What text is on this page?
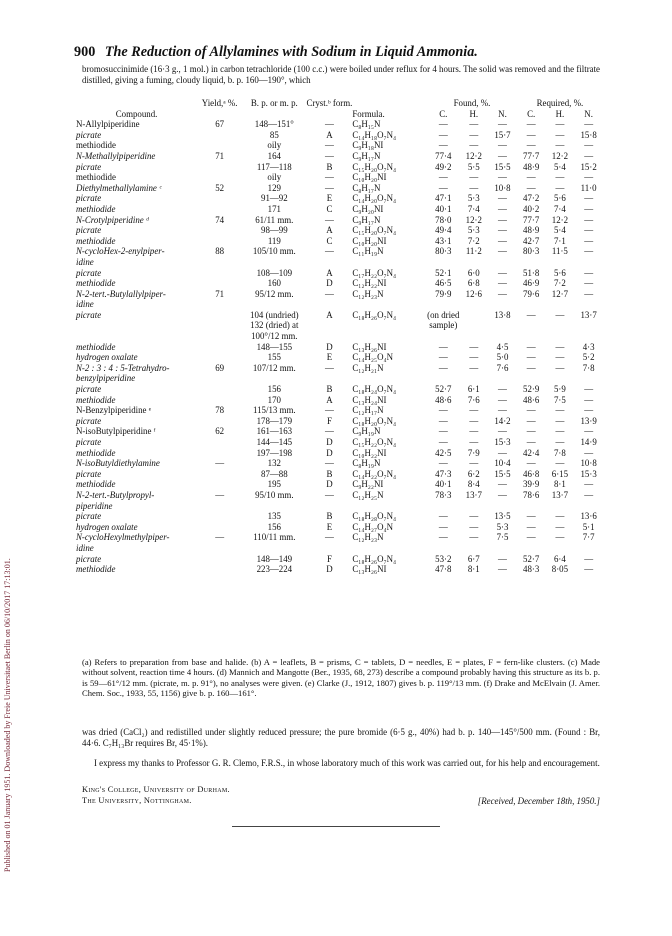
Published on 01 January 1951. Downloaded by Freie Universitaet Berlin on 06/10/2017 17:13:01.
900 The Reduction of Allylamines with Sodium in Liquid Ammonia.
bromosuccinimide (16·3 g., 1 mol.) in carbon tetrachloride (100 c.c.) were boiled under reflux for 4 hours. The solid was removed and the filtrate distilled, giving a fuming, cloudy liquid, b. p. 160—190°, which
	Yield,ᵃ %.	B. p. or m. p.	Cryst.ᵇ form.		Found, %.			Required, %.		
Compound.				Formula.	C.	H.	N.	C.	H.	N.
N-Allylpiperidine	67	148—151°	—	C₈H₁₅N	—	—	—	—	—	—
picrate		85	A	C₁₄H₁₈O₇N₄	—	—	15·7	—	—	15·8
methiodide		oily	—	C₉H₁₈NI	—	—	—	—	—	—
N-Methallylpiperidine	71	164	—	C₉H₁₇N	77·4	12·2	—	77·7	12·2	—
picrate		117—118	B	C₁₅H₂₀O₇N₄	49·2	5·5	15·5	48·9	5·4	15·2
methiodide		oily	—	C₁₀H₂₀NI	—	—	—	—	—	—
Diethylmethallylamine ᶜ	52	129	—	C₈H₁₇N	—	—	10·8	—	—	11·0
picrate		91—92	E	C₁₄H₂₀O₇N₄	47·1	5·3	—	47·2	5·6	—
methiodide		171	C	C₉H₂₀NI	40·1	7·4	—	40·2	7·4	—
N-Crotylpiperidine ᵈ	74	61/11 mm.	—	C₉H₁₇N	78·0	12·2	—	77·7	12·2	—
picrate		98—99	A	C₁₅H₂₀O₇N₄	49·4	5·3	—	48·9	5·4	—
methiodide		119	C	C₁₀H₂₀NI	43·1	7·2	—	42·7	7·1	—
N-cycloHex-2-enylpiper-	88	105/10 mm.	—	C₁₁H₁₉N	80·3	11·2	—	80·3	11·5	—
idine										
picrate		108—109	A	C₁₇H₂₂O₇N₄	52·1	6·0	—	51·8	5·6	—
methiodide		160	D	C₁₂H₂₂NI	46·5	6·8	—	46·9	7·2	—
N-2-tert.-Butylallylpiper-	71	95/12 mm.	—	C₁₂H₂₃N	79·9	12·6	—	79·6	12·7	—
idine										
picrate		104 (undried)	A	C₁₈H₂₆O₇N₄	(on dried		13·8	—	—	13·7
		132 (dried) at			sample)					
		100°/12 mm.								
methiodide		148—155	D	C₁₃H₂₆NI	—	—	4·5	—	—	4·3
hydrogen oxalate		155	E	C₁₄H₂₅O₄N	—	—	5·0	—	—	5·2
N-2 : 3 : 4 : 5-Tetrahydro-	69	107/12 mm.	—	C₁₂H₂₁N	—	—	7·6	—	—	7·8
benzylpiperidine										
picrate		156	B	C₁₈H₂₄O₇N₄	52·7	6·1	—	52·9	5·9	—
methiodide		170	A	C₁₃H₂₄NI	48·6	7·6	—	48·6	7·5	—
N-Benzylpiperidine ᵉ	78	115/13 mm.	—	C₁₂H₁₇N	—	—	—	—	—	—
picrate		178—179	F	C₁₈H₂₀O₇N₄	—	—	14·2	—	—	13·9
N-isoButylpiperidine ᶠ	62	161—163	—	C₉H₁₉N	—	—	—	—	—	—
picrate		144—145	D	C₁₅H₂₂O₇N₄	—	—	15·3	—	—	14·9
methiodide		197—198	D	C₁₀H₂₂NI	42·5	7·9	—	42·4	7·8	—
N-isoButyldiethylamine	—	132	—	C₈H₁₉N	—	—	10·4	—	—	10·8
picrate		87—88	B	C₁₄H₂₂O₇N₄	47·3	6·2	15·5	46·8	6·15	15·3
methiodide		195	D	C₉H₂₂NI	40·1	8·4	—	39·9	8·1	—
N-2-tert.-Butylpropyl-	—	95/10 mm.	—	C₁₂H₂₅N	78·3	13·7	—	78·6	13·7	—
piperidine										
picrate		135	B	C₁₈H₂₈O₇N₄	—	—	13·5	—	—	13·6
hydrogen oxalate		156	E	C₁₄H₂₇O₄N	—	—	5·3	—	—	5·1
N-cycloHexylmethylpiper-	—	110/11 mm.	—	C₁₂H₂₃N	—	—	7·5	—	—	7·7
idine										
picrate		148—149	F	C₁₈H₂₆O₇N₄	53·2	6·7	—	52·7	6·4	—
methiodide		223—224	D	C₁₃H₂₆NI	47·8	8·1	—	48·3	8·05	—
(a) Refers to preparation from base and halide. (b) A = leaflets, B = prisms, C = tablets, D = needles, E = plates, F = fern-like clusters. (c) Made without solvent, reaction time 4 hours. (d) Mannich and Mangotte (Ber., 1935, 68, 273) describe a compound probably having this structure as its b. p. is 59—61°/12 mm. (picrate, m. p. 91°), no analyses were given. (e) Clarke (J., 1912, 1807) gives b. p. 119°/13 mm. (f) Drake and McElvain (J. Amer. Chem. Soc., 1933, 55, 1156) give b. p. 160—161°.
was dried (CaCl₂) and redistilled under slightly reduced pressure; the pure bromide (6·5 g., 40%) had b. p. 140—145°/500 mm. (Found : Br, 44·6. C₇H₁₃Br requires Br, 45·1%).
I express my thanks to Professor G. R. Clemo, F.R.S., in whose laboratory much of this work was carried out, for his help and encouragement.
King's College, University of Durham.
The University, Nottingham.	[Received, December 18th, 1950.]
